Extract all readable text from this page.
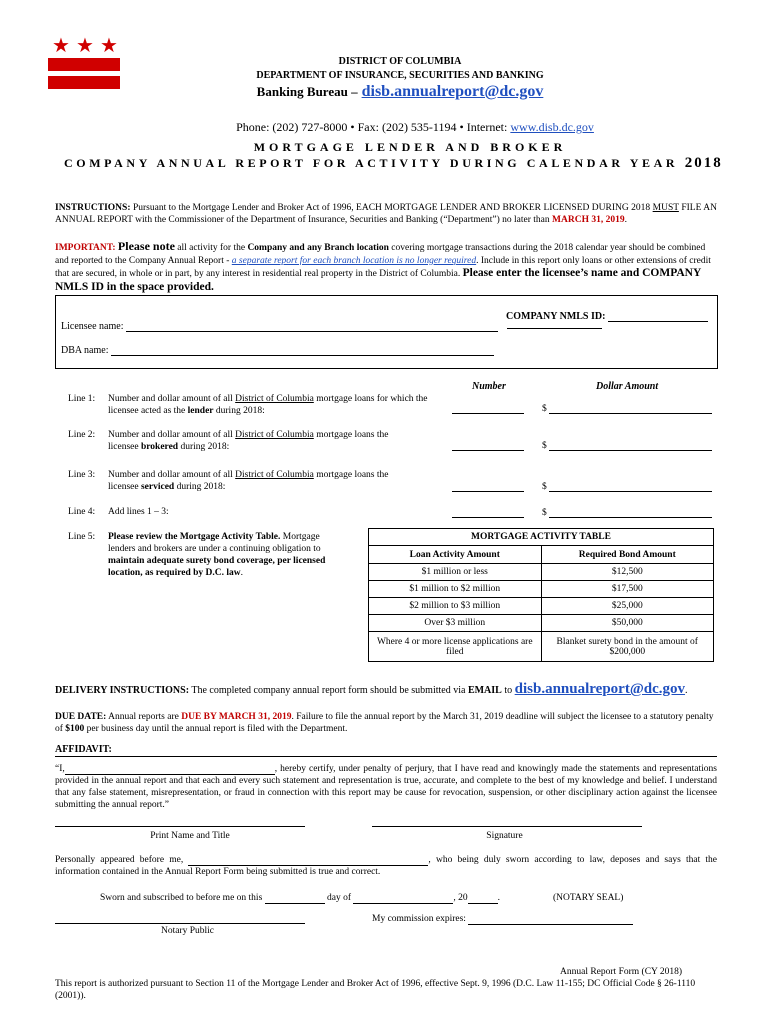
★ ★ ★
DISTRICT OF COLUMBIA
DEPARTMENT OF INSURANCE, SECURITIES AND BANKING
Banking Bureau – disb.annualreport@dc.gov
Phone: (202) 727-8000 • Fax: (202) 535-1194 • Internet: www.disb.dc.gov
MORTGAGE LENDER AND BROKER
COMPANY ANNUAL REPORT FOR ACTIVITY DURING CALENDAR YEAR 2018
INSTRUCTIONS: Pursuant to the Mortgage Lender and Broker Act of 1996, EACH MORTGAGE LENDER AND BROKER LICENSED DURING 2018 MUST FILE AN ANNUAL REPORT with the Commissioner of the Department of Insurance, Securities and Banking (“Department”) no later than MARCH 31, 2019.
IMPORTANT: Please note all activity for the Company and any Branch location covering mortgage transactions during the 2018 calendar year should be combined and reported to the Company Annual Report - a separate report for each branch location is no longer required. Include in this report only loans or other extensions of credit that are secured, in whole or in part, by any interest in residential real property in the District of Columbia. Please enter the licensee’s name and COMPANY NMLS ID in the space provided.
COMPANY NMLS ID:
Licensee name:
DBA name:
Number	Dollar Amount
Line 1: Number and dollar amount of all District of Columbia mortgage loans for which the licensee acted as the lender during 2018:	$
Line 2: Number and dollar amount of all District of Columbia mortgage loans the licensee brokered during 2018:	$
Line 3: Number and dollar amount of all District of Columbia mortgage loans the licensee serviced during 2018:	$
Line 4: Add lines 1 – 3:	$
Line 5: Please review the Mortgage Activity Table. Mortgage lenders and brokers are under a continuing obligation to maintain adequate surety bond coverage, per licensed location, as required by D.C. law.
MORTGAGE ACTIVITY TABLE	
Loan Activity Amount	Required Bond Amount
$1 million or less	$12,500
$1 million to $2 million	$17,500
$2 million to $3 million	$25,000
Over $3 million	$50,000
Where 4 or more license applications are filed	Blanket surety bond in the amount of $200,000
DELIVERY INSTRUCTIONS: The completed company annual report form should be submitted via EMAIL to disb.annualreport@dc.gov.
DUE DATE: Annual reports are DUE BY MARCH 31, 2019. Failure to file the annual report by the March 31, 2019 deadline will subject the licensee to a statutory penalty of $100 per business day until the annual report is filed with the Department.
AFFIDAVIT:
“I,	, hereby certify, under penalty of perjury, that I have read and knowingly made the statements and representations provided in the annual report and that each and every such statement and representation is true, accurate, and complete to the best of my knowledge and belief. I understand that any false statement, misrepresentation, or fraud in connection with this report may be cause for revocation, suspension, or other disciplinary action against the licensee submitting the annual report.”
Print Name and Title	Signature
Personally appeared before me,	, who being duly sworn according to law, deposes and says that the information contained in the Annual Report Form being submitted is true and correct.
Sworn and subscribed to before me on this	day of	, 20	.	(NOTARY SEAL)
My commission expires:
Notary Public
Annual Report Form (CY 2018)
This report is authorized pursuant to Section 11 of the Mortgage Lender and Broker Act of 1996, effective Sept. 9, 1996 (D.C. Law 11-155; DC Official Code § 26-1110 (2001)).
